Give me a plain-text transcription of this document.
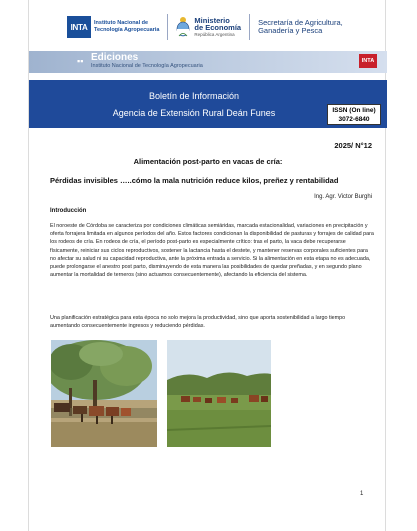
INTA	Instituto Nacional de
Tecnología Agropecuaria
Ministerio
de Economía
República Argentina
Secretaría de Agricultura,
Ganadería y Pesca
▪▪ Ediciones
Instituto Nacional de Tecnología Agropecuaria
INTA
Boletín de Información
Agencia de Extensión Rural Deán Funes	ISSN (On line)
3072-6840
2025/ N°12
Alimentación post-parto en vacas de cría:
Pérdidas invisibles …..cómo la mala nutrición reduce kilos, preñez y rentabilidad
Ing. Agr. Victor Burghi
Introducción

El noroeste de Córdoba se caracteriza por condiciones climáticas semiáridas, marcada estacionalidad, variaciones en precipitación y oferta forrajera limitada en algunos períodos del año. Estos factores condicionan la disponibilidad de pasturas y forrajes de calidad para los rodeos de cría. En rodeos de cría, el período post-parto es especialmente crítico: tras el parto, la vaca debe recuperarse físicamente, reiniciar sus ciclos reproductivos, sostener la lactancia hasta el destete, y mantener reservas corporales suficientes para no afectar su salud ni su capacidad reproductiva, ante la próxima entrada a servicio. Si la alimentación en esta etapa no es adecuada, puede prolongarse el anestro post parto, disminuyendo de esta manera las posibilidades de quedar preñadas, y en segundo plano aumentar la mortalidad de terneros (sino actuamos consecuentemente), afectando la eficiencia del sistema.

Una planificación estratégica para esta época no solo mejora la productividad, sino que aporta sostenibilidad a largo tiempo aumentando consecuentemente ingresos y reduciendo pérdidas.

1
